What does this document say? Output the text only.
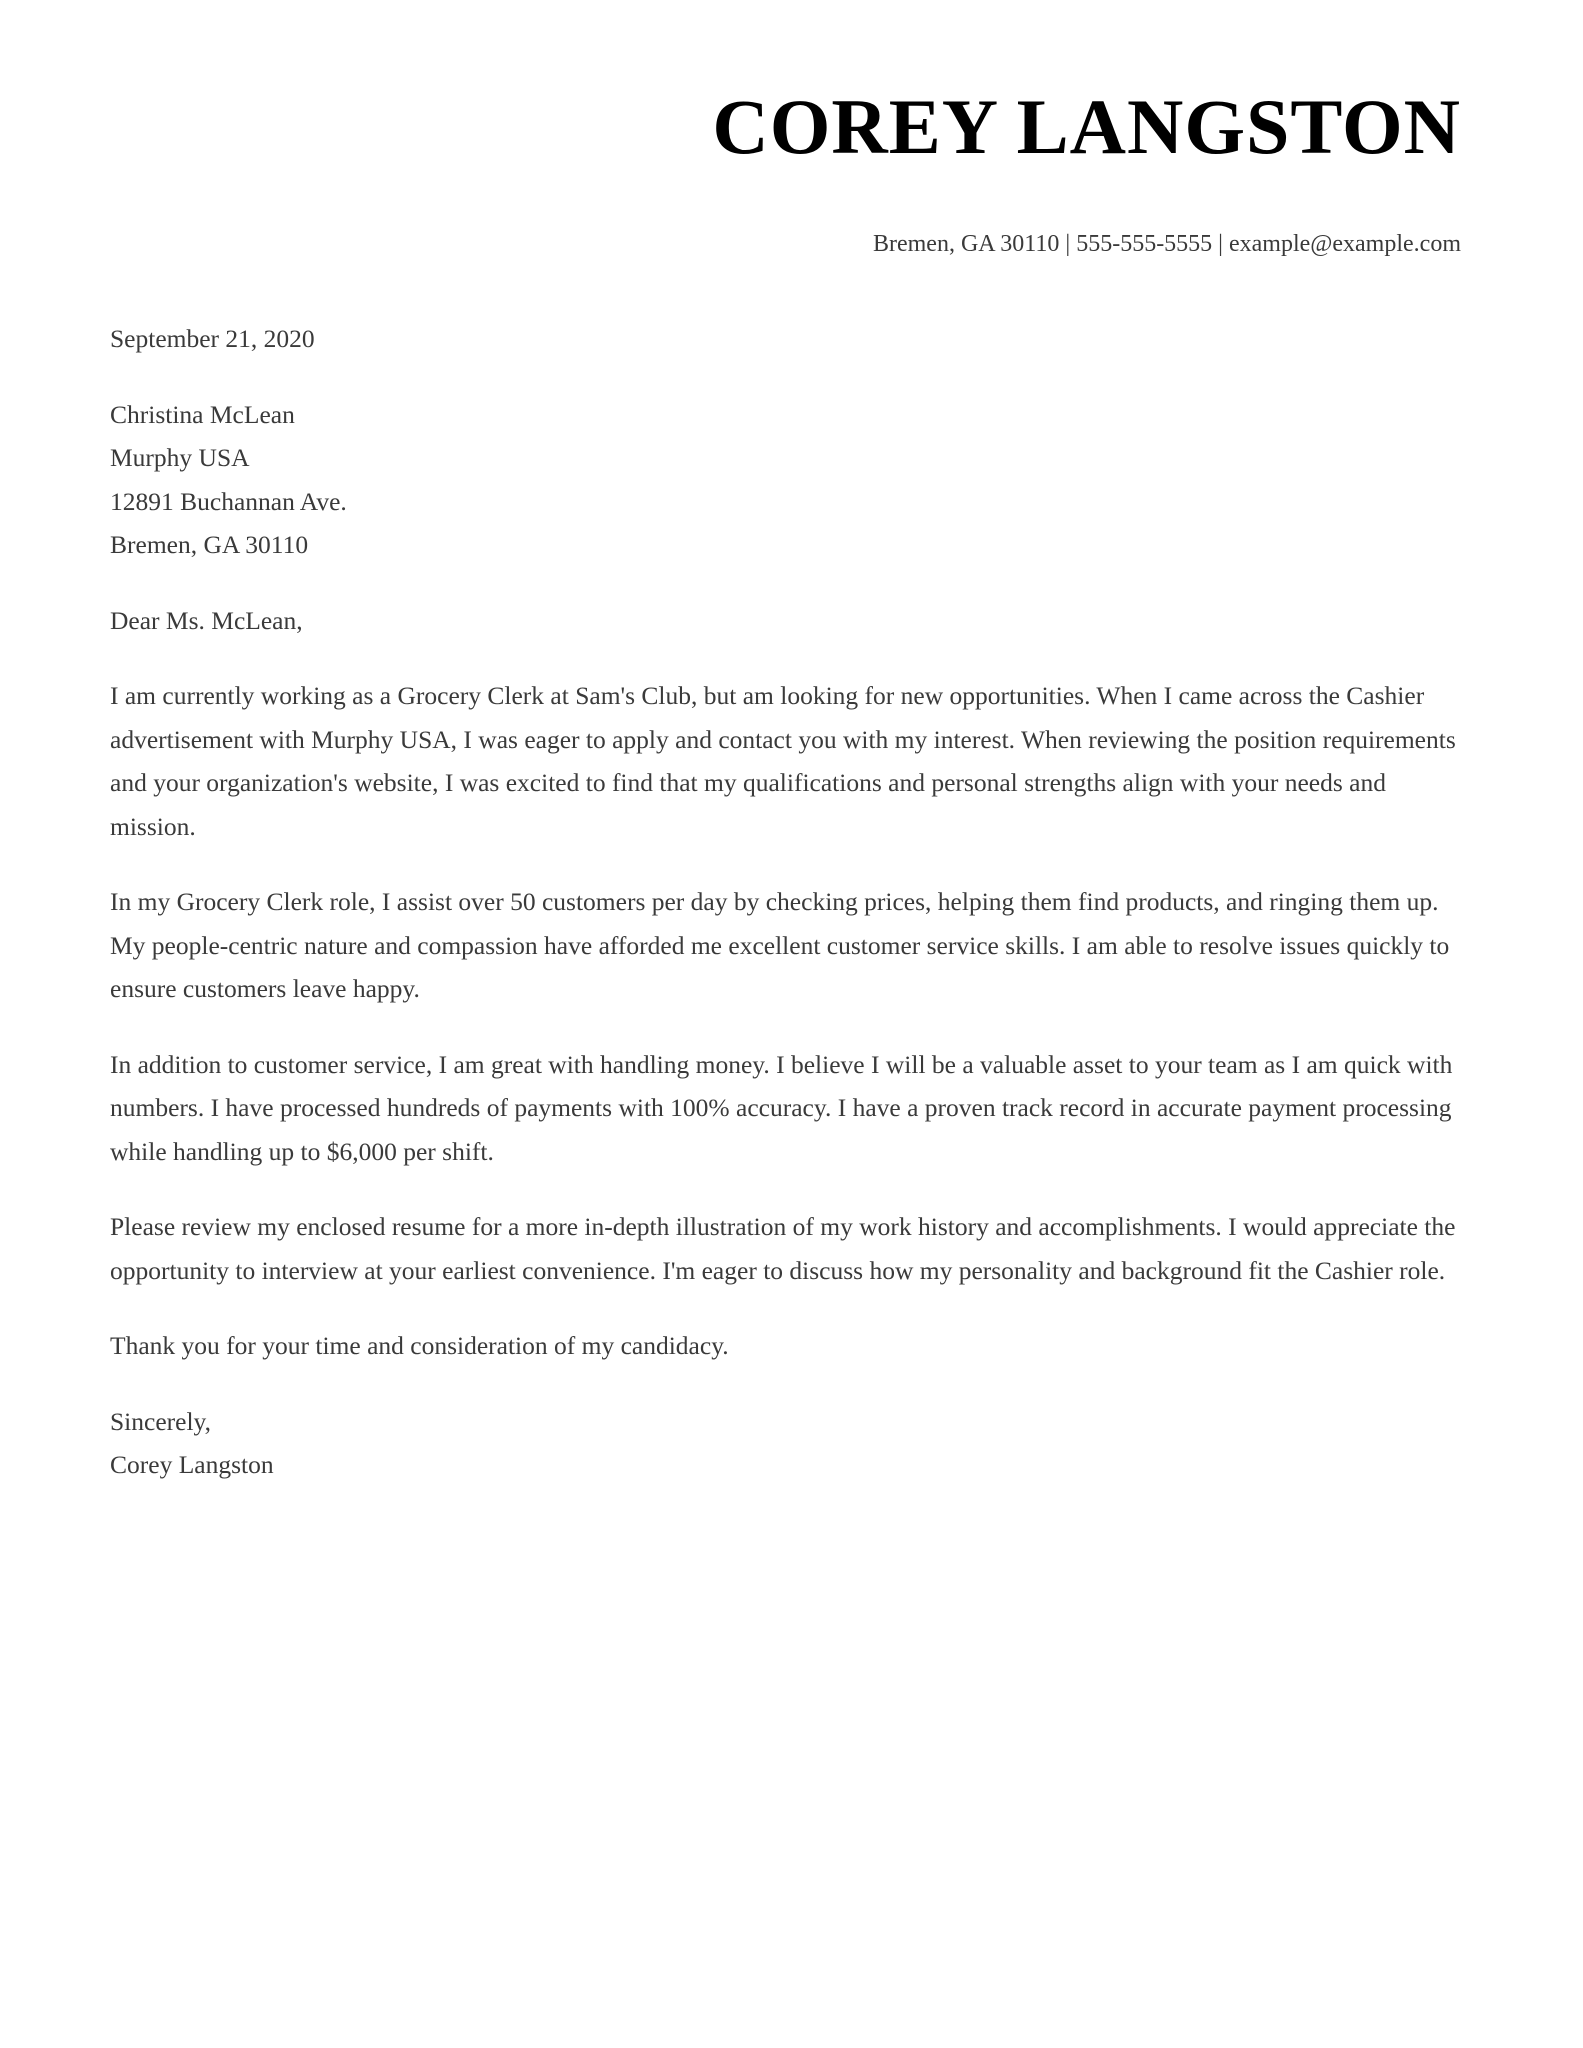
COREY LANGSTON
Bremen, GA 30110 | 555-555-5555 | example@example.com

September 21, 2020

Christina McLean
Murphy USA
12891 Buchannan Ave.
Bremen, GA 30110

Dear Ms. McLean,

I am currently working as a Grocery Clerk at Sam's Club, but am looking for new opportunities. When I came across the Cashier advertisement with Murphy USA, I was eager to apply and contact you with my interest. When reviewing the position requirements and your organization's website, I was excited to find that my qualifications and personal strengths align with your needs and mission.

In my Grocery Clerk role, I assist over 50 customers per day by checking prices, helping them find products, and ringing them up. My people-centric nature and compassion have afforded me excellent customer service skills. I am able to resolve issues quickly to ensure customers leave happy.

In addition to customer service, I am great with handling money. I believe I will be a valuable asset to your team as I am quick with numbers. I have processed hundreds of payments with 100% accuracy. I have a proven track record in accurate payment processing while handling up to $6,000 per shift.

Please review my enclosed resume for a more in-depth illustration of my work history and accomplishments. I would appreciate the opportunity to interview at your earliest convenience. I'm eager to discuss how my personality and background fit the Cashier role.

Thank you for your time and consideration of my candidacy.

Sincerely,
Corey Langston
